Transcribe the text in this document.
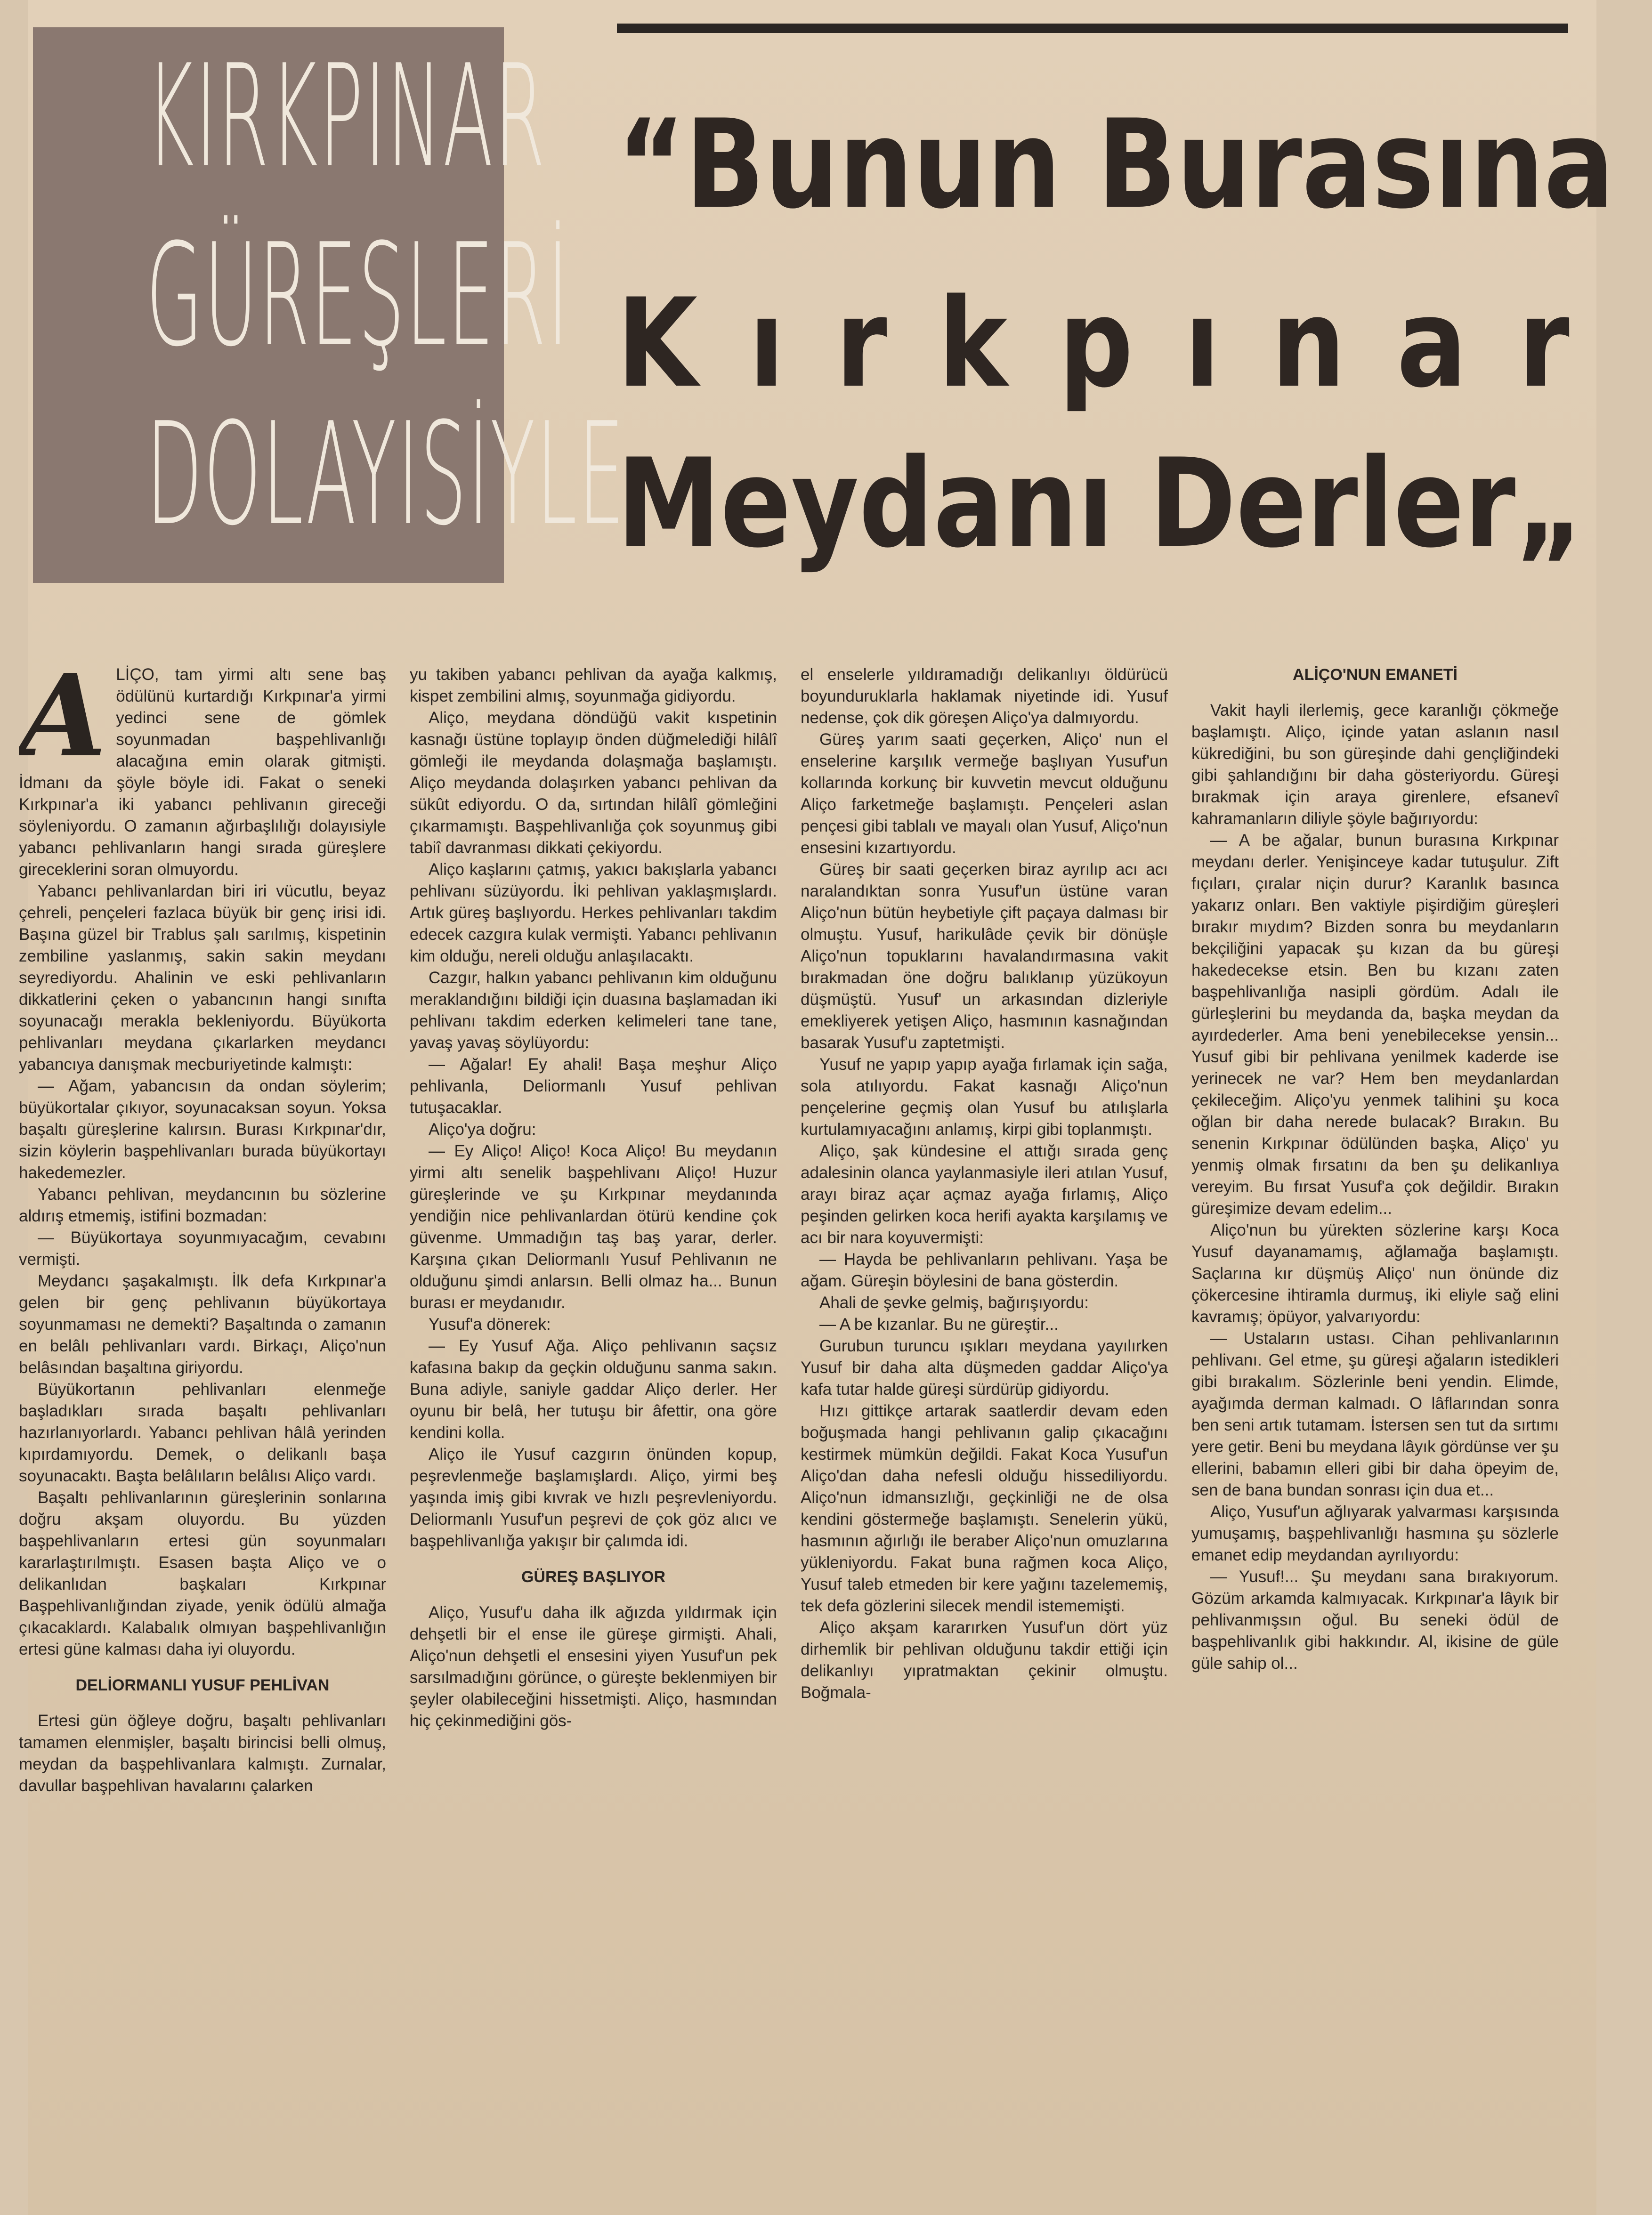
KIRKPINAR
GÜREŞLERİ
DOLAYISİYLE
“Bunun Burasına
Kırkpınar
Meydanı Derler„
A LİÇO, tam yirmi altı sene baş ödülünü kurtardığı Kırkpınar'a yirmi yedinci sene de gömlek soyunmadan başpehlivanlığı alacağına emin olarak gitmişti. İdmanı da şöyle böyle idi. Fakat o seneki Kırkpınar'a iki yabancı pehlivanın gireceği söyleniyordu. O zamanın ağırbaşlılığı dolayısiyle yabancı pehlivanların hangi sırada güreşlere gireceklerini soran olmuyordu.

Yabancı pehlivanlardan biri iri vücutlu, beyaz çehreli, pençeleri fazlaca büyük bir genç irisi idi. Başına güzel bir Trablus şalı sarılmış, kispetinin zembiline yaslanmış, sakin sakin meydanı seyrediyordu. Ahalinin ve eski pehlivanların dikkatlerini çeken o yabancının hangi sınıfta soyunacağı merakla bekleniyordu. Büyükorta pehlivanları meydana çıkarlarken meydancı yabancıya danışmak mecburiyetinde kalmıştı:

— Ağam, yabancısın da ondan söylerim; büyükortalar çıkıyor, soyunacaksan soyun. Yoksa başaltı güreşlerine kalırsın. Burası Kırkpınar'dır, sizin köylerin başpehlivanları burada büyükortayı hakedemezler.

Yabancı pehlivan, meydancının bu sözlerine aldırış etmemiş, istifini bozmadan:

— Büyükortaya soyunmıyacağım, cevabını vermişti.

Meydancı şaşakalmıştı. İlk defa Kırkpınar'a gelen bir genç pehlivanın büyükortaya soyunmaması ne demekti? Başaltında o zamanın en belâlı pehlivanları vardı. Birkaçı, Aliço'nun belâsından başaltına giriyordu.

Büyükortanın pehlivanları elenmeğe başladıkları sırada başaltı pehlivanları hazırlanıyorlardı. Yabancı pehlivan hâlâ yerinden kıpırdamıyordu. Demek, o delikanlı başa soyunacaktı. Başta belâlıların belâlısı Aliço vardı.

Başaltı pehlivanlarının güreşlerinin sonlarına doğru akşam oluyordu. Bu yüzden başpehlivanların ertesi gün soyunmaları kararlaştırılmıştı. Esasen başta Aliço ve o delikanlıdan başkaları Kırkpınar Başpehlivanlığından ziyade, yenik ödülü almağa çıkacaklardı. Kalabalık olmıyan başpehlivanlığın ertesi güne kalması daha iyi oluyordu.

DELİORMANLI YUSUF PEHLİVAN

Ertesi gün öğleye doğru, başaltı pehlivanları tamamen elenmişler, başaltı birincisi belli olmuş, meydan da başpehlivanlara kalmıştı. Zurnalar, davullar başpehlivan havalarını çalarken

yu takiben yabancı pehlivan da ayağa kalkmış, kispet zembilini almış, soyunmağa gidiyordu.

Aliço, meydana döndüğü vakit kıspetinin kasnağı üstüne toplayıp önden düğmelediği hilâlî gömleği ile meydanda dolaşmağa başlamıştı. Aliço meydanda dolaşırken yabancı pehlivan da sükût ediyordu. O da, sırtından hilâlî gömleğini çıkarmamıştı. Başpehlivanlığa çok soyunmuş gibi tabiî davranması dikkati çekiyordu.

Aliço kaşlarını çatmış, yakıcı bakışlarla yabancı pehlivanı süzüyordu. İki pehlivan yaklaşmışlardı. Artık güreş başlıyordu. Herkes pehlivanları takdim edecek cazgıra kulak vermişti. Yabancı pehlivanın kim olduğu, nereli olduğu anlaşılacaktı.

Cazgır, halkın yabancı pehlivanın kim olduğunu meraklandığını bildiği için duasına başlamadan iki pehlivanı takdim ederken kelimeleri tane tane, yavaş yavaş söylüyordu:

— Ağalar! Ey ahali! Başa meşhur Aliço pehlivanla, Deliormanlı Yusuf pehlivan tutuşacaklar.

Aliço'ya doğru:

— Ey Aliço! Aliço! Koca Aliço! Bu meydanın yirmi altı senelik başpehlivanı Aliço! Huzur güreşlerinde ve şu Kırkpınar meydanında yendiğin nice pehlivanlardan ötürü kendine çok güvenme. Ummadığın taş baş yarar, derler. Karşına çıkan Deliormanlı Yusuf Pehlivanın ne olduğunu şimdi anlarsın. Belli olmaz ha... Bunun burası er meydanıdır.

Yusuf'a dönerek:

— Ey Yusuf Ağa. Aliço pehlivanın saçsız kafasına bakıp da geçkin olduğunu sanma sakın. Buna adiyle, saniyle gaddar Aliço derler. Her oyunu bir belâ, her tutuşu bir âfettir, ona göre kendini kolla.

Aliço ile Yusuf cazgırın önünden kopup, peşrevlenmeğe başlamışlardı. Aliço, yirmi beş yaşında imiş gibi kıvrak ve hızlı peşrevleniyordu. Deliormanlı Yusuf'un peşrevi de çok göz alıcı ve başpehlivanlığa yakışır bir çalımda idi.

GÜREŞ BAŞLIYOR

Aliço, Yusuf'u daha ilk ağızda yıldırmak için dehşetli bir el ense ile güreşe girmişti. Ahali, Aliço'nun dehşetli el ensesini yiyen Yusuf'un pek sarsılmadığını görünce, o güreşte beklenmiyen bir şeyler olabileceğini hissetmişti. Aliço, hasmından hiç çekinmediğini gös-

el enselerle yıldıramadığı delikanlıyı öldürücü boyunduruklarla haklamak niyetinde idi. Yusuf nedense, çok dik göreşen Aliço'ya dalmıyordu.

Güreş yarım saati geçerken, Aliço' nun el enselerine karşılık vermeğe başlıyan Yusuf'un kollarında korkunç bir kuvvetin mevcut olduğunu Aliço farketmeğe başlamıştı. Pençeleri aslan pençesi gibi tablalı ve mayalı olan Yusuf, Aliço'nun ensesini kızartıyordu.

Güreş bir saati geçerken biraz ayrılıp acı acı naralandıktan sonra Yusuf'un üstüne varan Aliço'nun bütün heybetiyle çift paçaya dalması bir olmuştu. Yusuf, harikulâde çevik bir dönüşle Aliço'nun topuklarını havalandırmasına vakit bırakmadan öne doğru balıklanıp yüzükoyun düşmüştü. Yusuf' un arkasından dizleriyle emekliyerek yetişen Aliço, hasmının kasnağından basarak Yusuf'u zaptetmişti.

Yusuf ne yapıp yapıp ayağa fırlamak için sağa, sola atılıyordu. Fakat kasnağı Aliço'nun pençelerine geçmiş olan Yusuf bu atılışlarla kurtulamıyacağını anlamış, kirpi gibi toplanmıştı.

Aliço, şak kündesine el attığı sırada genç adalesinin olanca yaylanmasiyle ileri atılan Yusuf, arayı biraz açar açmaz ayağa fırlamış, Aliço peşinden gelirken koca herifi ayakta karşılamış ve acı bir nara koyuvermişti:

— Hayda be pehlivanların pehlivanı. Yaşa be ağam. Güreşin böylesini de bana gösterdin.

Ahali de şevke gelmiş, bağırışıyordu:

— A be kızanlar. Bu ne güreştir...

Gurubun turuncu ışıkları meydana yayılırken Yusuf bir daha alta düşmeden gaddar Aliço'ya kafa tutar halde güreşi sürdürüp gidiyordu.

Hızı gittikçe artarak saatlerdir devam eden boğuşmada hangi pehlivanın galip çıkacağını kestirmek mümkün değildi. Fakat Koca Yusuf'un Aliço'dan daha nefesli olduğu hissediliyordu. Aliço'nun idmansızlığı, geçkinliği ne de olsa kendini göstermeğe başlamıştı. Senelerin yükü, hasmının ağırlığı ile beraber Aliço'nun omuzlarına yükleniyordu. Fakat buna rağmen koca Aliço, Yusuf taleb etmeden bir kere yağını tazelememiş, tek defa gözlerini silecek mendil istememişti.

Aliço akşam kararırken Yusuf'un dört yüz dirhemlik bir pehlivan olduğunu takdir ettiği için delikanlıyı yıpratmaktan çekinir olmuştu. Boğmala-

ALİÇO'NUN EMANETİ

Vakit hayli ilerlemiş, gece karanlığı çökmeğe başlamıştı. Aliço, içinde yatan aslanın nasıl kükrediğini, bu son güreşinde dahi gençliğindeki gibi şahlandığını bir daha gösteriyordu. Güreşi bırakmak için araya girenlere, efsanevî kahramanların diliyle şöyle bağırıyordu:

— A be ağalar, bunun burasına Kırkpınar meydanı derler. Yenişinceye kadar tutuşulur. Zift fıçıları, çıralar niçin durur? Karanlık basınca yakarız onları. Ben vaktiyle pişirdiğim güreşleri bırakır mıydım? Bizden sonra bu meydanların bekçiliğini yapacak şu kızan da bu güreşi hakedecekse etsin. Ben bu kızanı zaten başpehlivanlığa nasipli gördüm. Adalı ile gürleşlerini bu meydanda da, başka meydan da ayırdederler. Ama beni yenebilecekse yensin... Yusuf gibi bir pehlivana yenilmek kaderde ise yerinecek ne var? Hem ben meydanlardan çekileceğim. Aliço'yu yenmek talihini şu koca oğlan bir daha nerede bulacak? Bırakın. Bu senenin Kırkpınar ödülünden başka, Aliço' yu yenmiş olmak fırsatını da ben şu delikanlıya vereyim. Bu fırsat Yusuf'a çok değildir. Bırakın güreşimize devam edelim...

Aliço'nun bu yürekten sözlerine karşı Koca Yusuf dayanamamış, ağlamağa başlamıştı. Saçlarına kır düşmüş Aliço' nun önünde diz çökercesine ihtiramla durmuş, iki eliyle sağ elini kavramış; öpüyor, yalvarıyordu:

— Ustaların ustası. Cihan pehlivanlarının pehlivanı. Gel etme, şu güreşi ağaların istedikleri gibi bırakalım. Sözlerinle beni yendin. Elimde, ayağımda derman kalmadı. O lâflarından sonra ben seni artık tutamam. İstersen sen tut da sırtımı yere getir. Beni bu meydana lâyık gördünse ver şu ellerini, babamın elleri gibi bir daha öpeyim de, sen de bana bundan sonrası için dua et...

Aliço, Yusuf'un ağlıyarak yalvarması karşısında yumuşamış, başpehlivanlığı hasmına şu sözlerle emanet edip meydandan ayrılıyordu:

— Yusuf!... Şu meydanı sana bırakıyorum. Gözüm arkamda kalmıyacak. Kırkpınar'a lâyık bir pehlivanmışsın oğul. Bu seneki ödül de başpehlivanlık gibi hakkındır. Al, ikisine de güle güle sahip ol...
